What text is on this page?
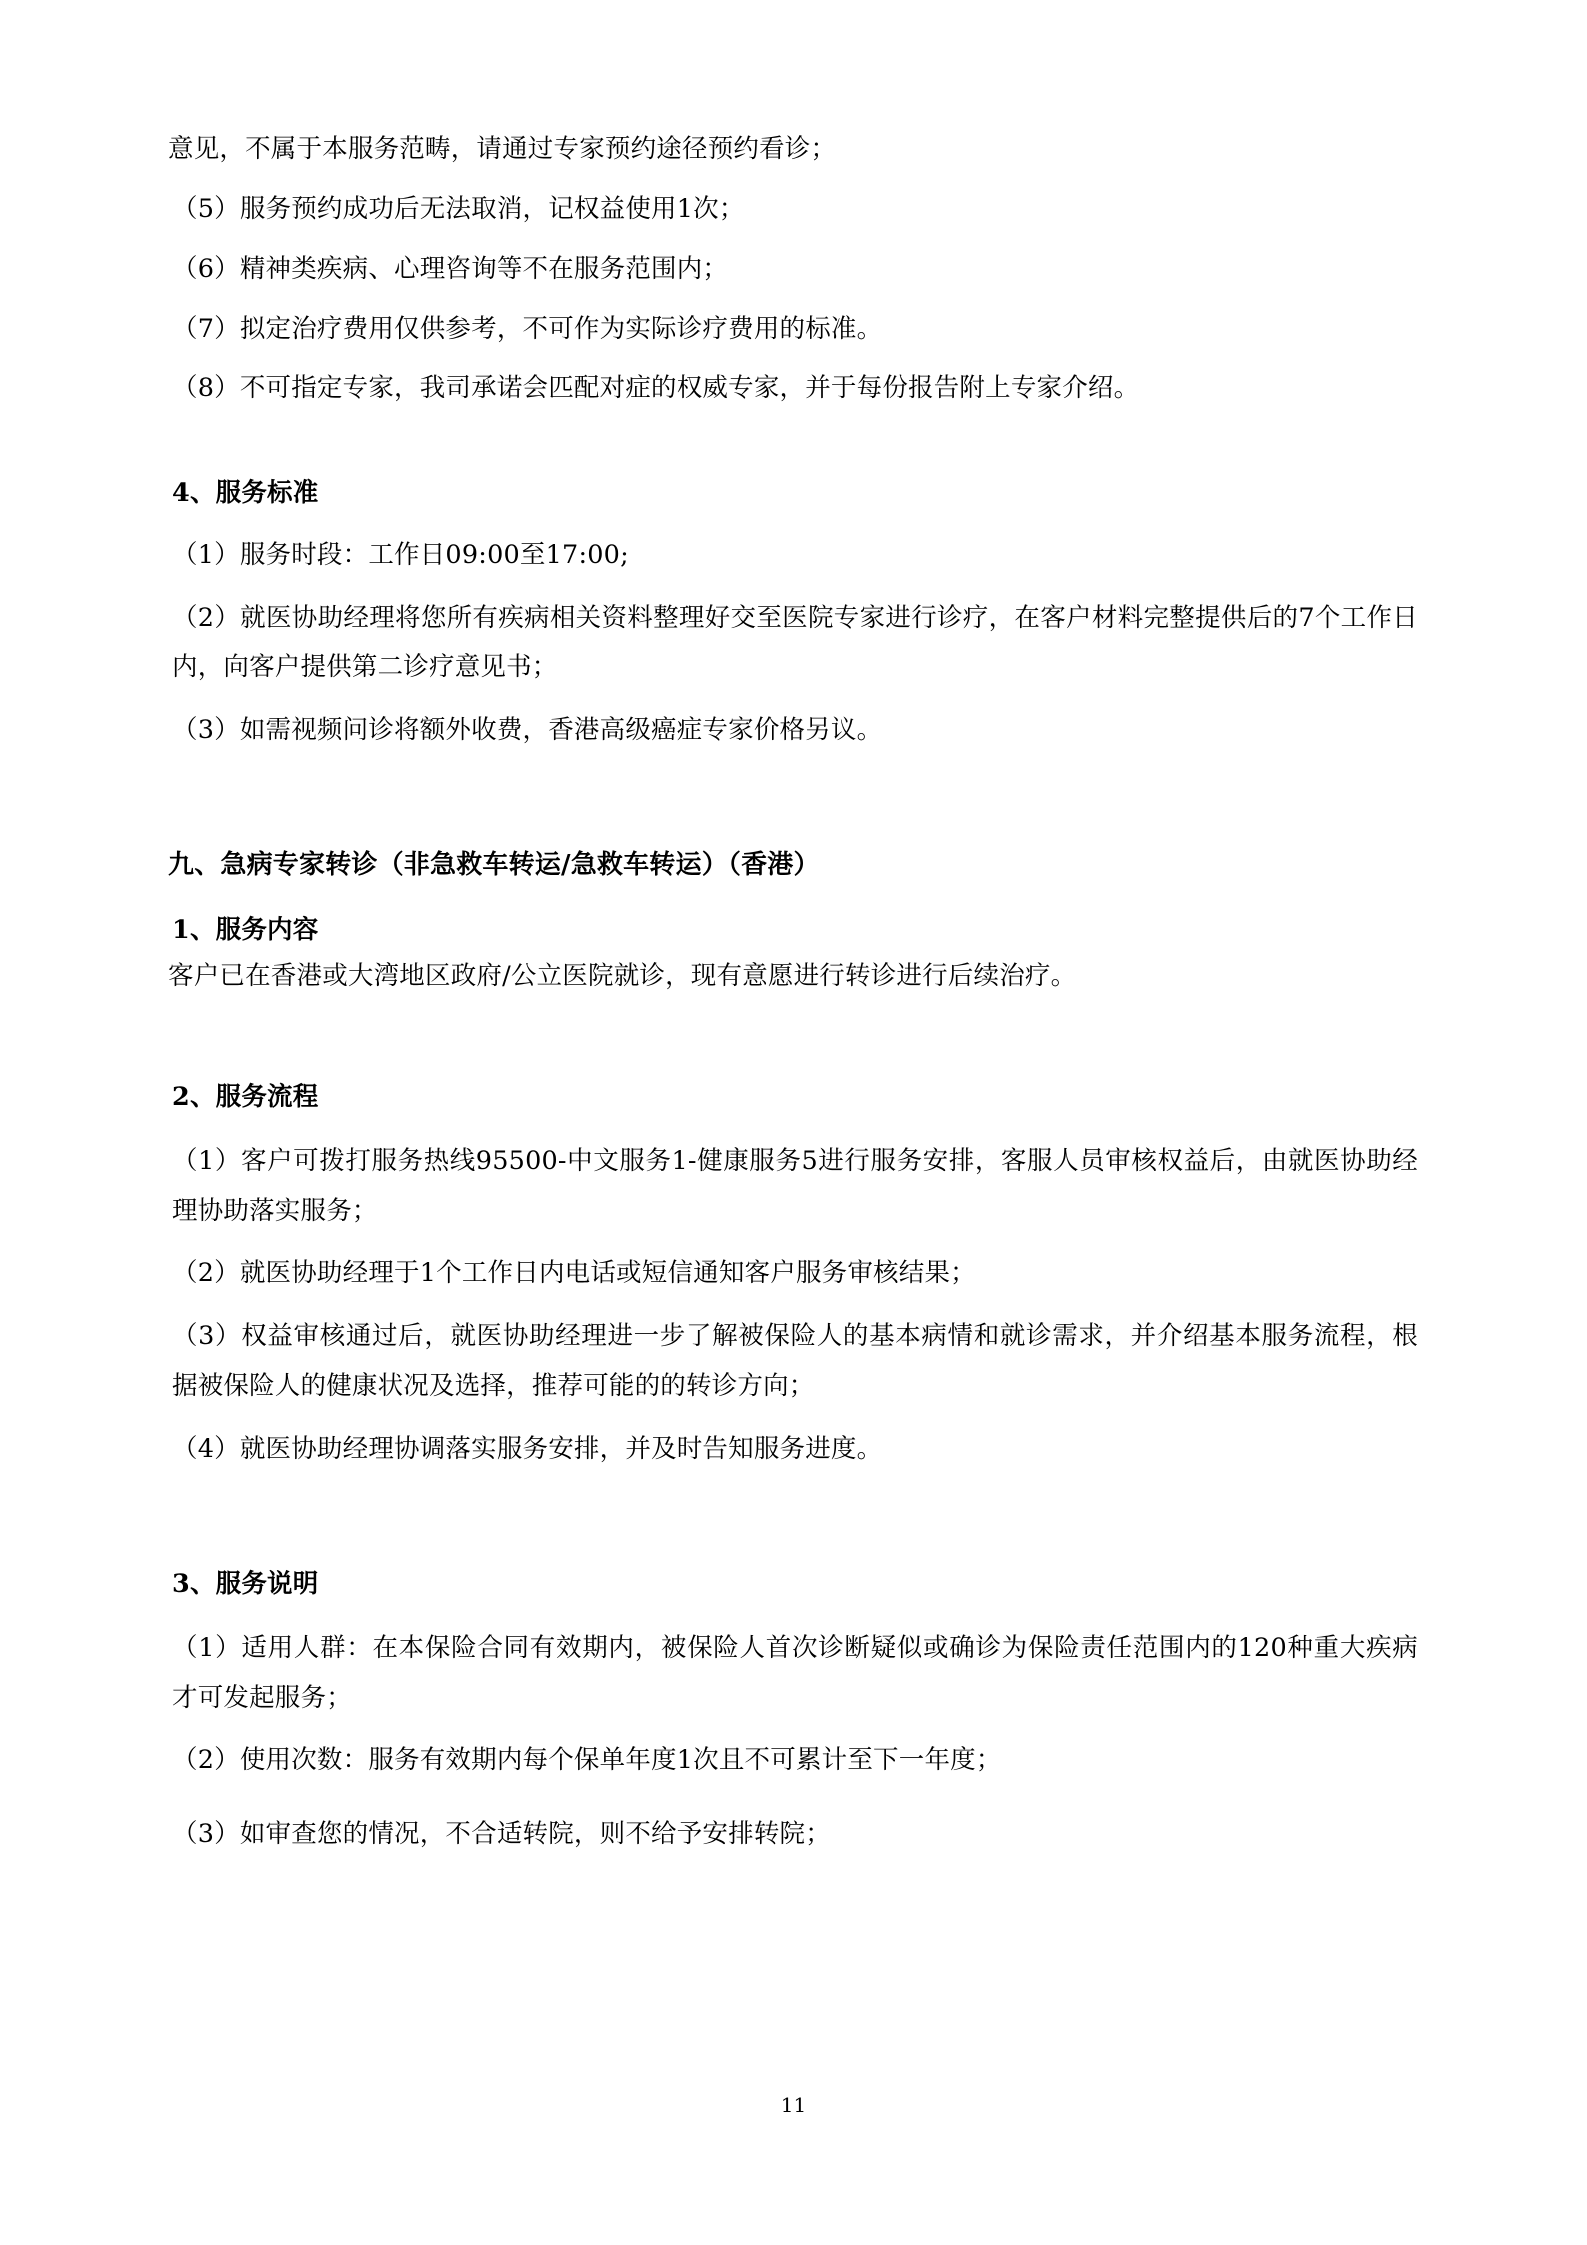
意见，不属于本服务范畴，请通过专家预约途径预约看诊；

（5）服务预约成功后无法取消，记权益使用1次；

（6）精神类疾病、心理咨询等不在服务范围内；

（7）拟定治疗费用仅供参考，不可作为实际诊疗费用的标准。

（8）不可指定专家，我司承诺会匹配对症的权威专家，并于每份报告附上专家介绍。

4、服务标准

（1）服务时段：工作日09:00至17:00;

（2）就医协助经理将您所有疾病相关资料整理好交至医院专家进行诊疗，在客户材料完整提供后的7个工作日内，向客户提供第二诊疗意见书；

（3）如需视频问诊将额外收费，香港高级癌症专家价格另议。

九、急病专家转诊（非急救车转运/急救车转运）（香港）

1、服务内容

客户已在香港或大湾地区政府/公立医院就诊，现有意愿进行转诊进行后续治疗。

2、服务流程

（1）客户可拨打服务热线95500-中文服务1-健康服务5进行服务安排，客服人员审核权益后，由就医协助经理协助落实服务；

（2）就医协助经理于1个工作日内电话或短信通知客户服务审核结果；

（3）权益审核通过后，就医协助经理进一步了解被保险人的基本病情和就诊需求，并介绍基本服务流程，根据被保险人的健康状况及选择，推荐可能的的转诊方向；

（4）就医协助经理协调落实服务安排，并及时告知服务进度。

3、服务说明

（1）适用人群：在本保险合同有效期内，被保险人首次诊断疑似或确诊为保险责任范围内的120种重大疾病才可发起服务；

（2）使用次数：服务有效期内每个保单年度1次且不可累计至下一年度；

（3）如审查您的情况，不合适转院，则不给予安排转院；

11
